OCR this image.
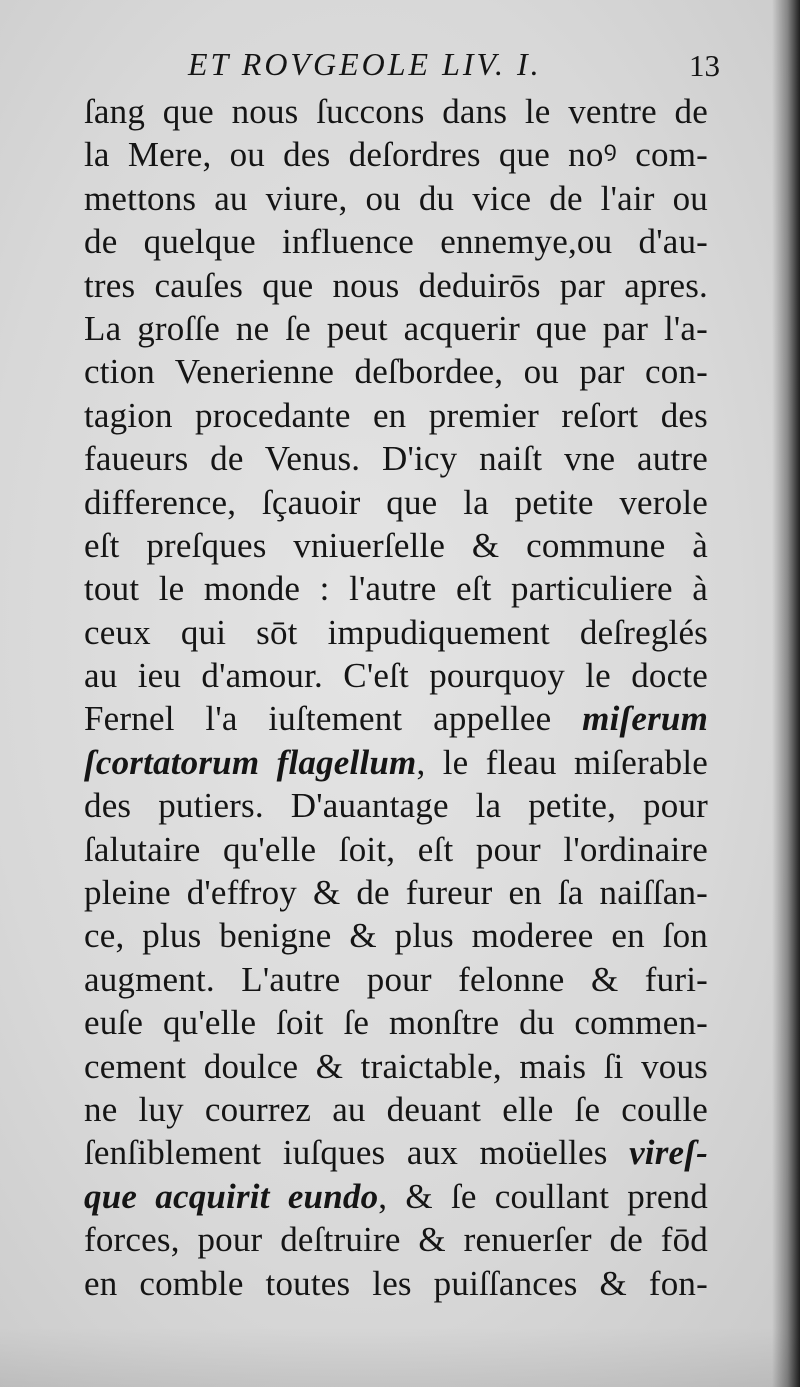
ET ROVGEOLE LIV. I.	13
ſang que nous ſuccons dans le ventre de
la Mere, ou des deſordres que noꝰ com-
mettons au viure, ou du vice de l'air ou
de quelque influence ennemye,ou d'au-
tres cauſes que nous deduirōs par apres.
La groſſe ne ſe peut acquerir que par l'a-
ction Venerienne deſbordee, ou par con-
tagion procedante en premier reſort des
faueurs de Venus. D'icy naiſt vne autre
difference, ſçauoir que la petite verole
eſt preſques vniuerſelle & commune à
tout le monde : l'autre eſt particuliere à
ceux qui sōt impudiquement deſreglés
au ieu d'amour. C'eſt pourquoy le docte
Fernel l'a iuſtement appellee miſerum
ſcortatorum flagellum, le fleau miſerable
des putiers. D'auantage la petite, pour
ſalutaire qu'elle ſoit, eſt pour l'ordinaire
pleine d'effroy & de fureur en ſa naiſſan-
ce, plus benigne & plus moderee en ſon
augment. L'autre pour felonne & furi-
euſe qu'elle ſoit ſe monſtre du commen-
cement doulce & traictable, mais ſi vous
ne luy courrez au deuant elle ſe coulle
ſenſiblement iuſques aux moüelles vireſ-
que acquirit eundo, & ſe coullant prend
forces, pour deſtruire & renuerſer de fōd
en comble toutes les puiſſances & fon-
